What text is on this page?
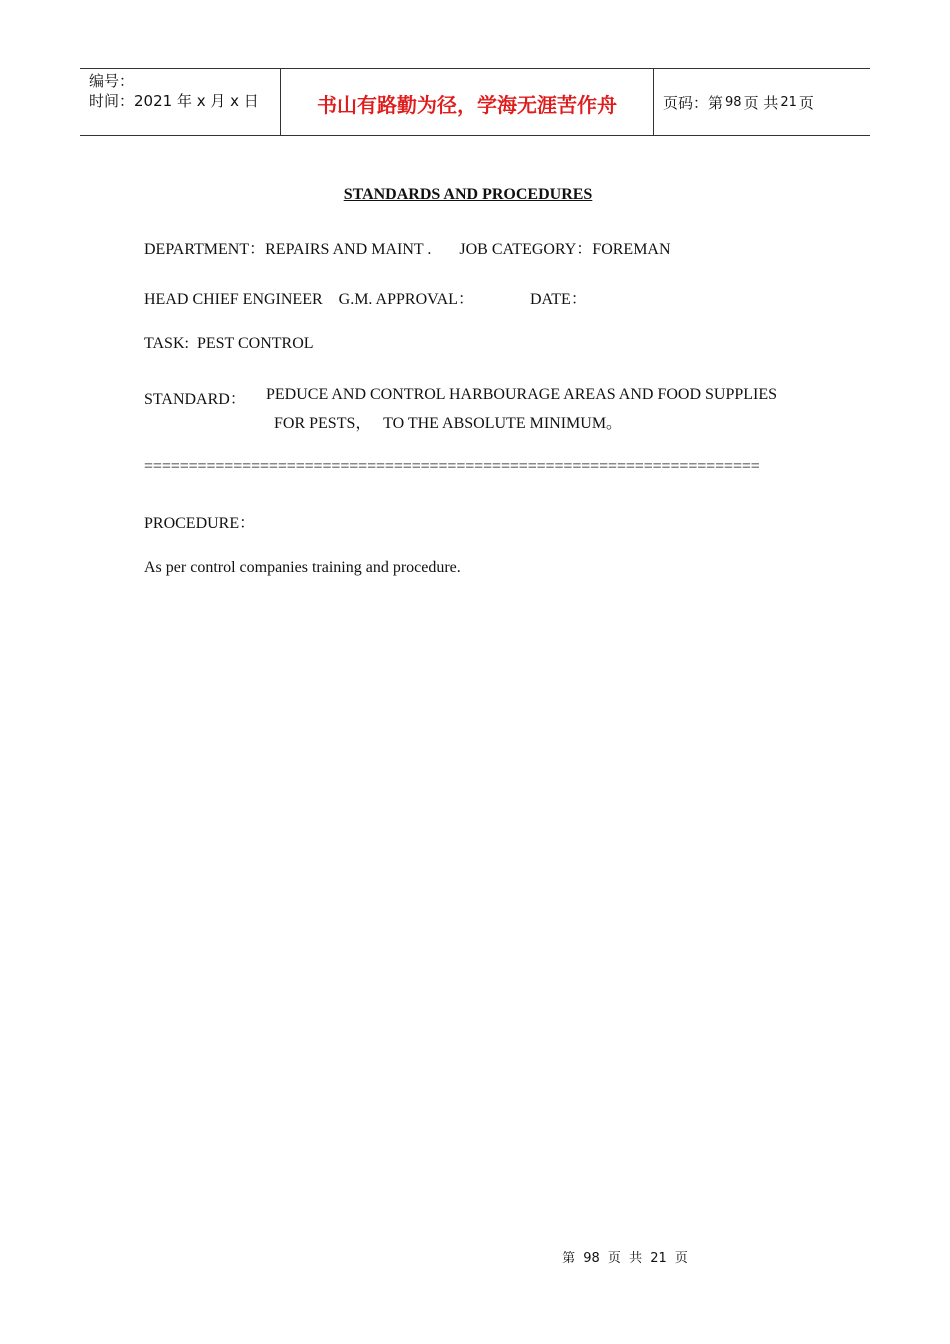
编号：
时间：2021 年 x 月 x 日	书山有路勤为径，学海无涯苦作舟	页码：第 98 页 共 21 页
STANDARDS AND PROCEDURES
DEPARTMENT：REPAIRS AND MAINT .       JOB CATEGORY：FOREMAN
HEAD CHIEF ENGINEER    G.M. APPROVAL：              DATE：
TASK:  PEST CONTROL
STANDARD： PEDUCE AND CONTROL HARBOURAGE AREAS AND FOOD SUPPLIES
FOR PESTS，   TO THE ABSOLUTE MINIMUM。
=====================================================================
PROCEDURE：
As per control companies training and procedure.
第 98 页 共 21 页
